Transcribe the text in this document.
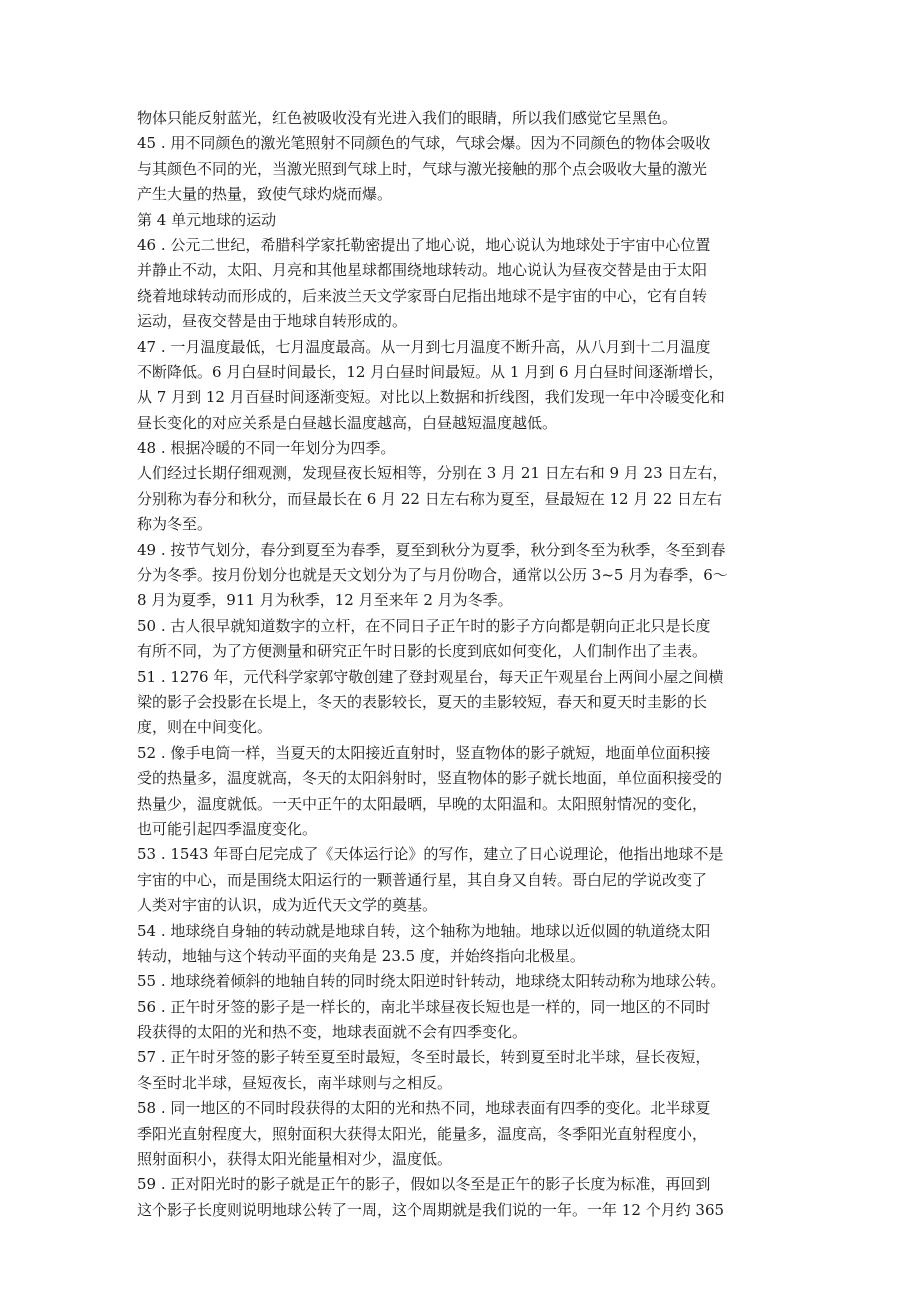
物体只能反射蓝光，红色被吸收没有光进入我们的眼睛，所以我们感觉它呈黑色。
45 . 用不同颜色的激光笔照射不同颜色的气球，气球会爆。因为不同颜色的物体会吸收
与其颜色不同的光，当激光照到气球上时，气球与激光接触的那个点会吸收大量的激光
产生大量的热量，致使气球灼烧而爆。
第 4 单元地球的运动
46 . 公元二世纪，希腊科学家托勒密提出了地心说，地心说认为地球处于宇宙中心位置
并静止不动，太阳、月亮和其他星球都围绕地球转动。地心说认为昼夜交替是由于太阳
绕着地球转动而形成的，后来波兰天文学家哥白尼指出地球不是宇宙的中心，它有自转
运动，昼夜交替是由于地球自转形成的。
47 . 一月温度最低，七月温度最高。从一月到七月温度不断升高，从八月到十二月温度
不断降低。6 月白昼时间最长，12 月白昼时间最短。从 1 月到 6 月白昼时间逐渐增长，
从 7 月到 12 月百昼时间逐渐变短。对比以上数据和折线图，我们发现一年中冷暖变化和
昼长变化的对应关系是白昼越长温度越高，白昼越短温度越低。
48 . 根据冷暖的不同一年划分为四季。
人们经过长期仔细观测，发现昼夜长短相等，分别在 3 月 21 日左右和 9 月 23 日左右，
分别称为春分和秋分，而昼最长在 6 月 22 日左右称为夏至，昼最短在 12 月 22 日左右
称为冬至。
49 . 按节气划分，春分到夏至为春季，夏至到秋分为夏季，秋分到冬至为秋季，冬至到春
分为冬季。按月份划分也就是天文划分为了与月份吻合，通常以公历 3~5 月为春季，6～
8 月为夏季，911 月为秋季，12 月至来年 2 月为冬季。
50 . 古人很早就知道数字的立杆，在不同日子正午时的影子方向都是朝向正北只是长度
有所不同，为了方便测量和研究正午时日影的长度到底如何变化，人们制作出了圭表。
51 . 1276 年，元代科学家郭守敬创建了登封观星台，每天正午观星台上两间小屋之间横
梁的影子会投影在长堤上，冬天的表影较长，夏天的圭影较短，春天和夏天时圭影的长
度，则在中间变化。
52 . 像手电筒一样，当夏天的太阳接近直射时，竖直物体的影子就短，地面单位面积接
受的热量多，温度就高，冬天的太阳斜射时，竖直物体的影子就长地面，单位面积接受的
热量少，温度就低。一天中正午的太阳最晒，早晚的太阳温和。太阳照射情况的变化，
也可能引起四季温度变化。
53 . 1543 年哥白尼完成了《天体运行论》的写作，建立了日心说理论，他指出地球不是
宇宙的中心，而是围绕太阳运行的一颗普通行星，其自身又自转。哥白尼的学说改变了
人类对宇宙的认识，成为近代天文学的奠基。
54 . 地球绕自身轴的转动就是地球自转，这个轴称为地轴。地球以近似圆的轨道绕太阳
转动，地轴与这个转动平面的夹角是 23.5 度，并始终指向北极星。
55 . 地球绕着倾斜的地轴自转的同时绕太阳逆时针转动，地球绕太阳转动称为地球公转。
56 . 正午时牙签的影子是一样长的，南北半球昼夜长短也是一样的，同一地区的不同时
段获得的太阳的光和热不变，地球表面就不会有四季变化。
57 . 正午时牙签的影子转至夏至时最短，冬至时最长，转到夏至时北半球，昼长夜短，
冬至时北半球，昼短夜长，南半球则与之相反。
58 . 同一地区的不同时段获得的太阳的光和热不同，地球表面有四季的变化。北半球夏
季阳光直射程度大，照射面积大获得太阳光，能量多，温度高，冬季阳光直射程度小，
照射面积小，获得太阳光能量相对少，温度低。
59 . 正对阳光时的影子就是正午的影子，假如以冬至是正午的影子长度为标准，再回到
这个影子长度则说明地球公转了一周，这个周期就是我们说的一年。一年 12 个月约 365
